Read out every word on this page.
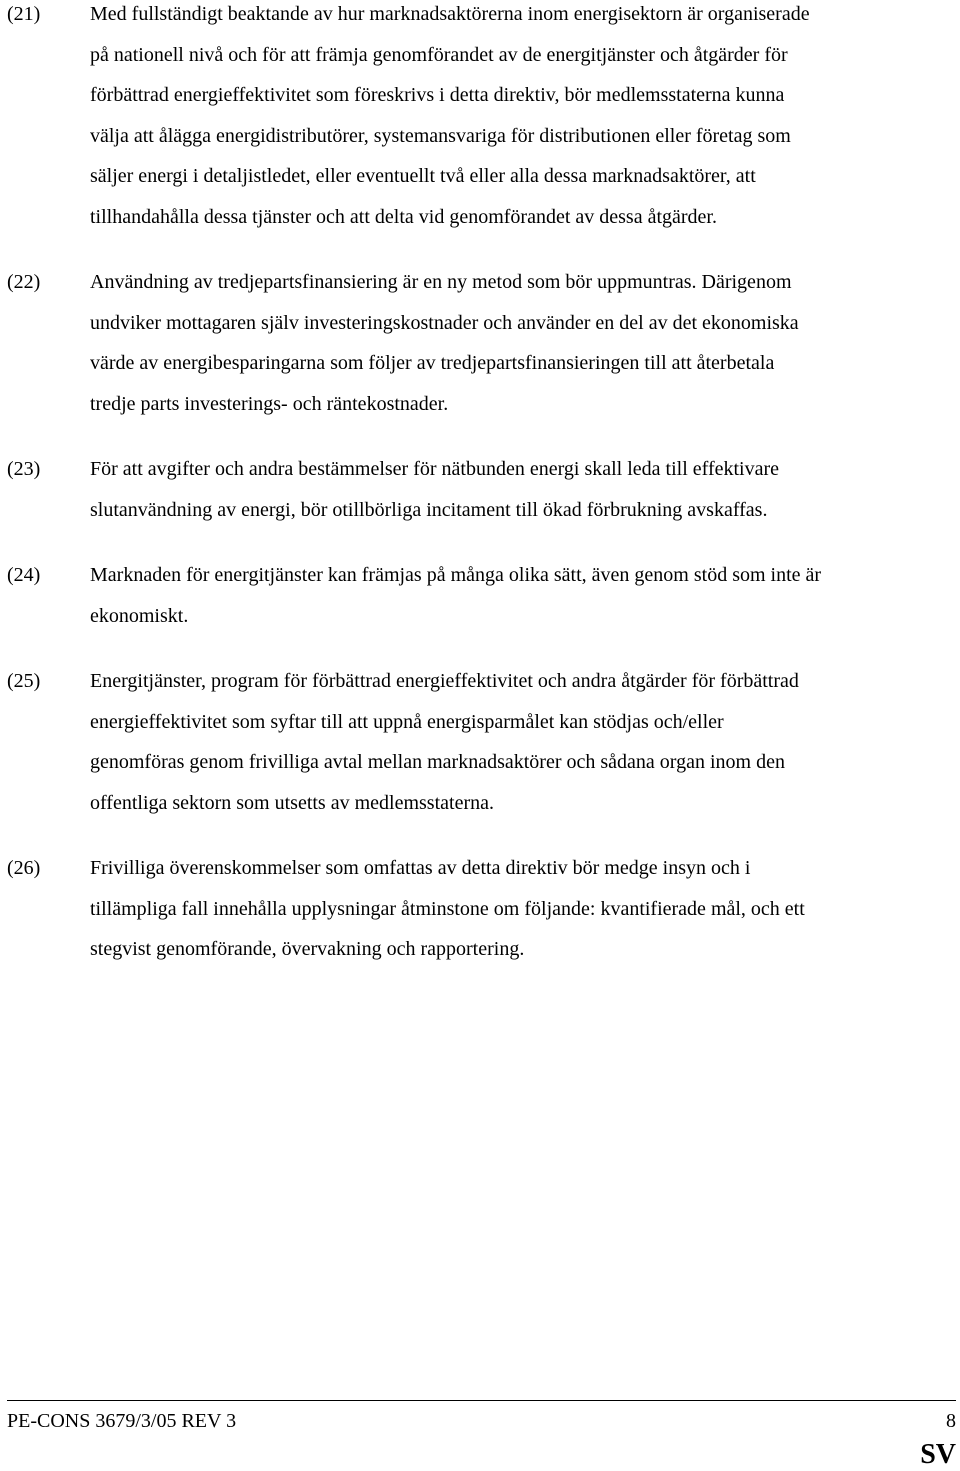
(21) Med fullständigt beaktande av hur marknadsaktörerna inom energisektorn är organiserade
på nationell nivå och för att främja genomförandet av de energitjänster och åtgärder för
förbättrad energieffektivitet som föreskrivs i detta direktiv, bör medlemsstaterna kunna
välja att ålägga energidistributörer, systemansvariga för distributionen eller företag som
säljer energi i detaljistledet, eller eventuellt två eller alla dessa marknadsaktörer, att
tillhandahålla dessa tjänster och att delta vid genomförandet av dessa åtgärder.
(22) Användning av tredjepartsfinansiering är en ny metod som bör uppmuntras. Därigenom
undviker mottagaren själv investeringskostnader och använder en del av det ekonomiska
värde av energibesparingarna som följer av tredjepartsfinansieringen till att återbetala
tredje parts investerings- och räntekostnader.
(23) För att avgifter och andra bestämmelser för nätbunden energi skall leda till effektivare
slutanvändning av energi, bör otillbörliga incitament till ökad förbrukning avskaffas.
(24) Marknaden för energitjänster kan främjas på många olika sätt, även genom stöd som inte är
ekonomiskt.
(25) Energitjänster, program för förbättrad energieffektivitet och andra åtgärder för förbättrad
energieffektivitet som syftar till att uppnå energisparmålet kan stödjas och/eller
genomföras genom frivilliga avtal mellan marknadsaktörer och sådana organ inom den
offentliga sektorn som utsetts av medlemsstaterna.
(26) Frivilliga överenskommelser som omfattas av detta direktiv bör medge insyn och i
tillämpliga fall innehålla upplysningar åtminstone om följande: kvantifierade mål, och ett
stegvist genomförande, övervakning och rapportering.
PE-CONS 3679/3/05 REV 3	8
SV
